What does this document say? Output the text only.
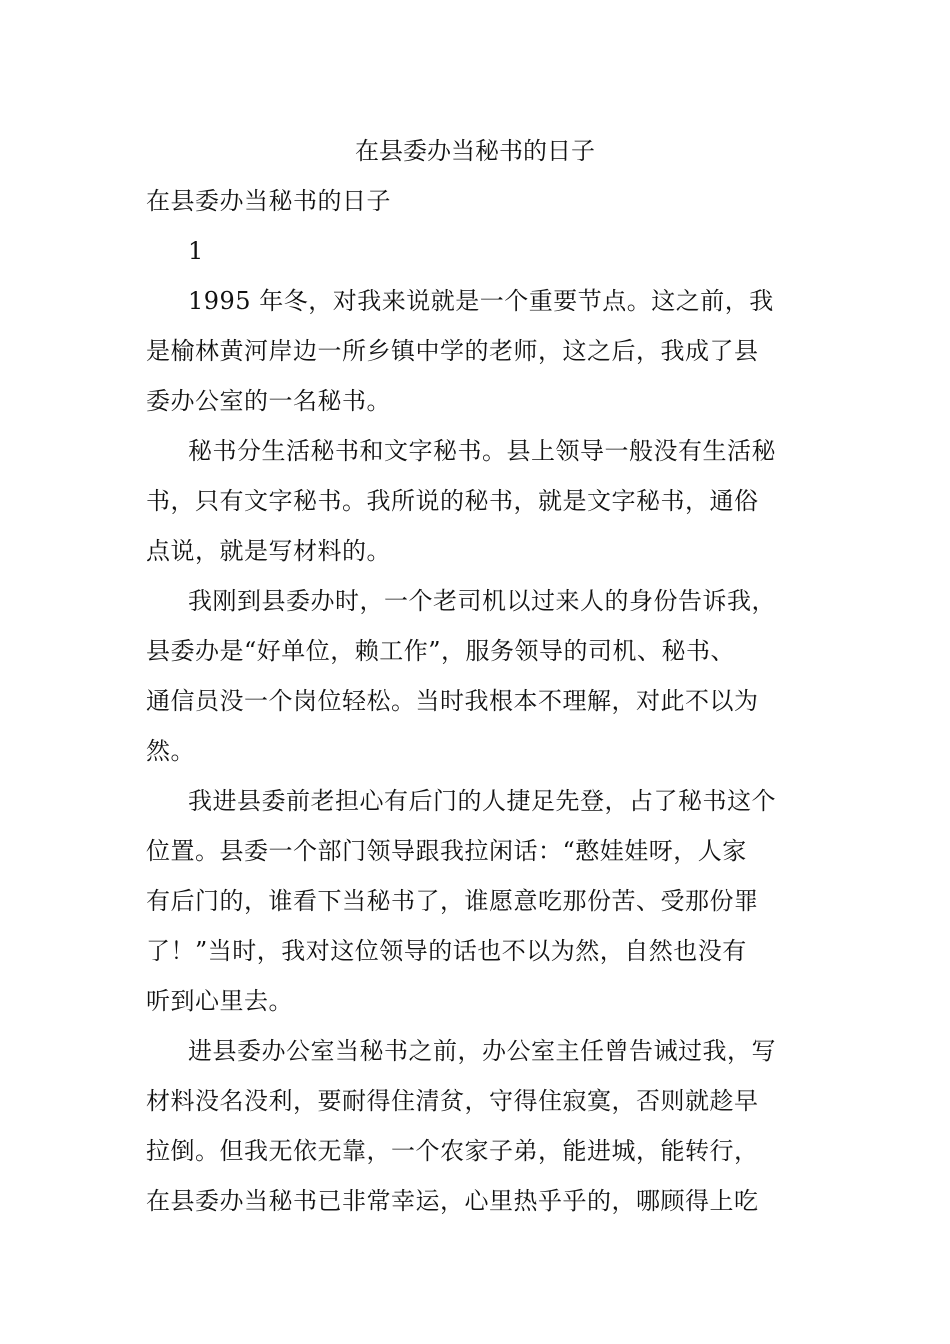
在县委办当秘书的日子
在县委办当秘书的日子
1
1995 年冬，对我来说就是一个重要节点。这之前，我
是榆林黄河岸边一所乡镇中学的老师，这之后，我成了县
委办公室的一名秘书。
秘书分生活秘书和文字秘书。县上领导一般没有生活秘
书，只有文字秘书。我所说的秘书，就是文字秘书，通俗
点说，就是写材料的。
我刚到县委办时，一个老司机以过来人的身份告诉我，
县委办是“好单位，赖工作”，服务领导的司机、秘书、
通信员没一个岗位轻松。当时我根本不理解，对此不以为
然。
我进县委前老担心有后门的人捷足先登，占了秘书这个
位置。县委一个部门领导跟我拉闲话：“憨娃娃呀，人家
有后门的，谁看下当秘书了，谁愿意吃那份苦、受那份罪
了！”当时，我对这位领导的话也不以为然，自然也没有
听到心里去。
进县委办公室当秘书之前，办公室主任曾告诫过我，写
材料没名没利，要耐得住清贫，守得住寂寞，否则就趁早
拉倒。但我无依无靠，一个农家子弟，能进城，能转行，
在县委办当秘书已非常幸运，心里热乎乎的，哪顾得上吃
